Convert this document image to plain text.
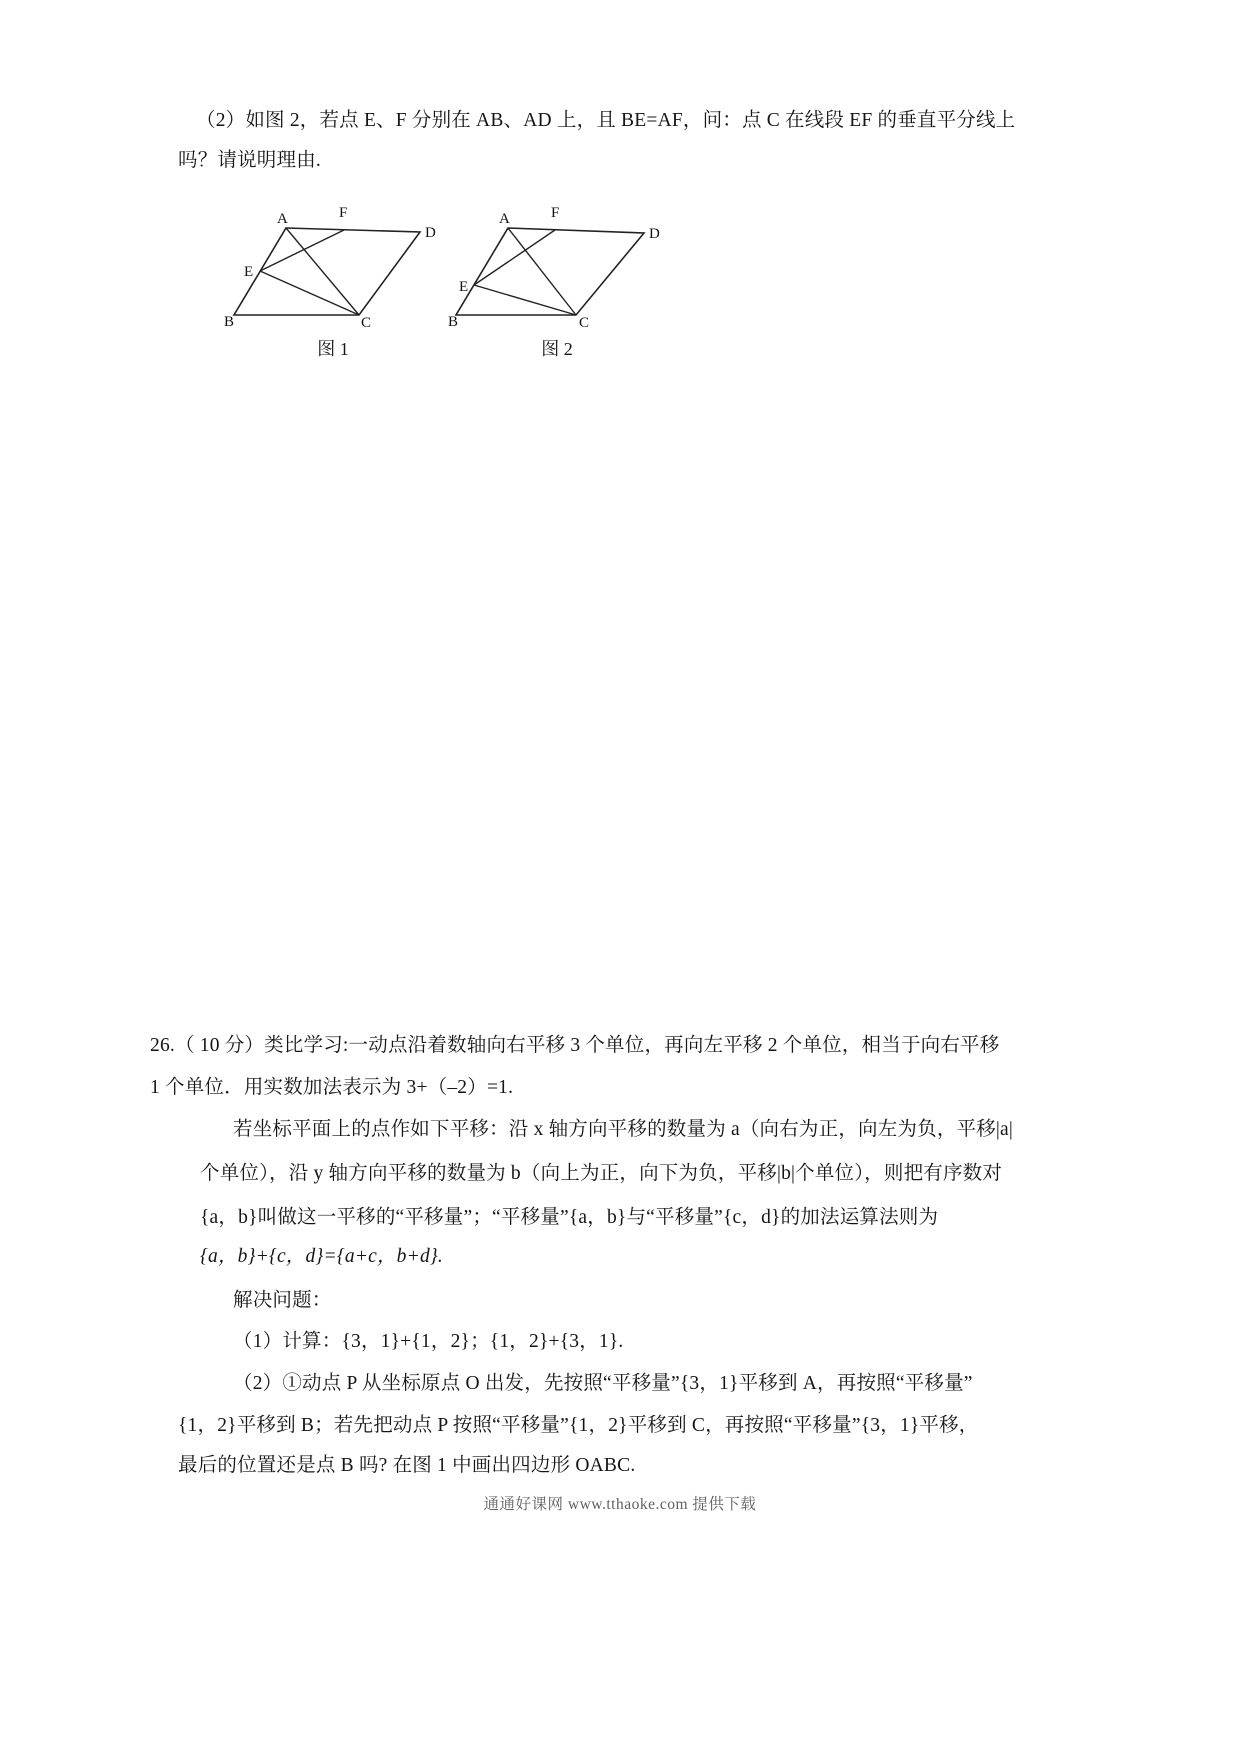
（2）如图 2，若点 E、F 分别在 AB、AD 上，且 BE=AF，问：点 C 在线段 EF 的垂直平分线上
吗？请说明理由.
A	F
D
E
B	C
图 1
A	F
D
E
B	C
图 2
26.（ 10 分）类比学习:一动点沿着数轴向右平移 3 个单位，再向左平移 2 个单位，相当于向右平移
1 个单位．用实数加法表示为 3+（–2）=1.
若坐标平面上的点作如下平移：沿 x 轴方向平移的数量为 a（向右为正，向左为负，平移|a|
个单位），沿 y 轴方向平移的数量为 b（向上为正，向下为负，平移|b|个单位），则把有序数对
{a，b}叫做这一平移的“平移量”；“平移量”{a，b}与“平移量”{c，d}的加法运算法则为
{a，b}+{c，d}={a+c，b+d}.
解决问题：
（1）计算：{3，1}+{1，2}；{1，2}+{3，1}.
（2）①动点 P 从坐标原点 O 出发，先按照“平移量”{3，1}平移到 A，再按照“平移量”
{1，2}平移到 B；若先把动点 P 按照“平移量”{1，2}平移到 C，再按照“平移量”{3，1}平移，
最后的位置还是点 B 吗? 在图 1 中画出四边形 OABC.
通通好课网 www.tthaoke.com 提供下载
